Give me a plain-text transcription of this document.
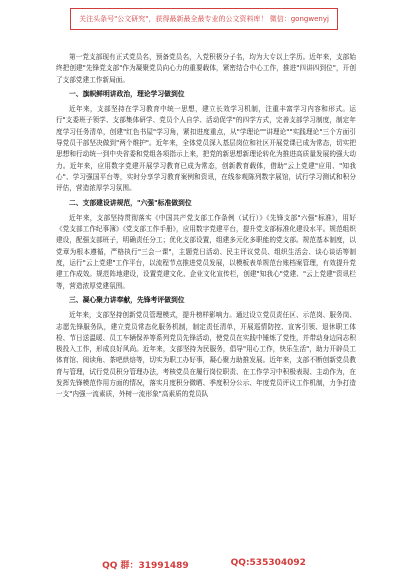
关注头条号"公文研究"，获得最新最全最专业的公文资料库！ 微信：gongwenyj

第一党支部现有正式党员名，预备党员名，入党积极分子名，均为大专以上学历。近年来，支部始终把创建"先锋党支部"作为凝聚党员向心力的重要载体，紧密结合中心工作，推进"四讲四到位"，开创了支部党建工作新局面。

一、旗帜鲜明讲政治，理论学习做到位

近年来，支部坚持在学习教育中统一思想，建立长效学习机制，注重丰富学习内容和形式。运行"支委班子领学、支部集体研学、党员个人自学、活动促学"的四学方式，完善支部学习制度，制定年度学习任务清单，创建"红色书屋"学习角，紧扣进度重点，从"学理论""讲理论""实践理论"三个方面引导党员干部坚决做到"两个维护"。近年来，全体党员深入基层岗位和社区开展党课已成为常态，切实把思想和行动统一到中央省委和党组各项指示上来，把党的新思想新理论转化为推进高质量发展的强大动力。近年来，应用数字党建开展学习教育已成为常态，创新教育载体，借助"云上党建"应用、"知我心"、学习强国平台等，实时分享学习教育案例和资讯，在线参观陈列数字展馆，试行学习测试和积分评估，营造浓厚学习氛围。

二、支部建设讲规范，"六强"标准做到位

近年来，支部坚持贯彻落实《中国共产党支部工作条例（试行）》《先锋支部"六强"标准》，用好《党支部工作纪事簿》《党支部工作手册》，应用数字党建平台，提升党支部标准化建设水平。规范组织建设，配强支部班子，明确责任分工；优化支部设置，组建多元化多职能的党支部。规范基本制度，以党章为根本遵循，严格执行"三会一课"，主题党日活动、民主评议党员、组织生活会、谈心谈话等制度，运行"云上党建"工作平台，以流程节点推进党员发展，以模板表单规范台账档案管理，有效提升党建工作成效。规范阵地建设，设置党建文化、企业文化宣传栏，创建"知我心"党建、"云上党建"资讯栏等，营造浓厚党建氛围。

三、凝心聚力讲奉献，先锋考评做到位

近年来，支部坚持创新党员管理模式，提升榜样影响力。通过设立党员责任区、示范岗、服务岗、志愿先锋服务队，建立党员常态化服务机制，制定责任清单，开展巡情防控、宣客引领、退休职工体检、节日送温暖、员工车辆保养等系列党员先锋活动，使党员在实践中锤炼了党性，并带动身边同志积极投入工作，形成良好风尚。近年来，支部坚持为民服务，倡导"用心工作，快乐生活"，助力开辟员工体育馆、阅读角、茶吧烘焙等，切实为职工办好事，凝心聚力助推发展。近年来，支部不断创新党员教育与管理，试行党员积分管理办法，考核党员在履行岗位职责、在工作学习中积极表现、主动作为，在发挥先锋模范作用方面的情况，落实月度积分微晒、季度积分公示、年度党员评议工作机制，力争打造一支"内强一流素质，外树一流形象"高素质的党员队

QQ 群：31991489	QQ:535304092
